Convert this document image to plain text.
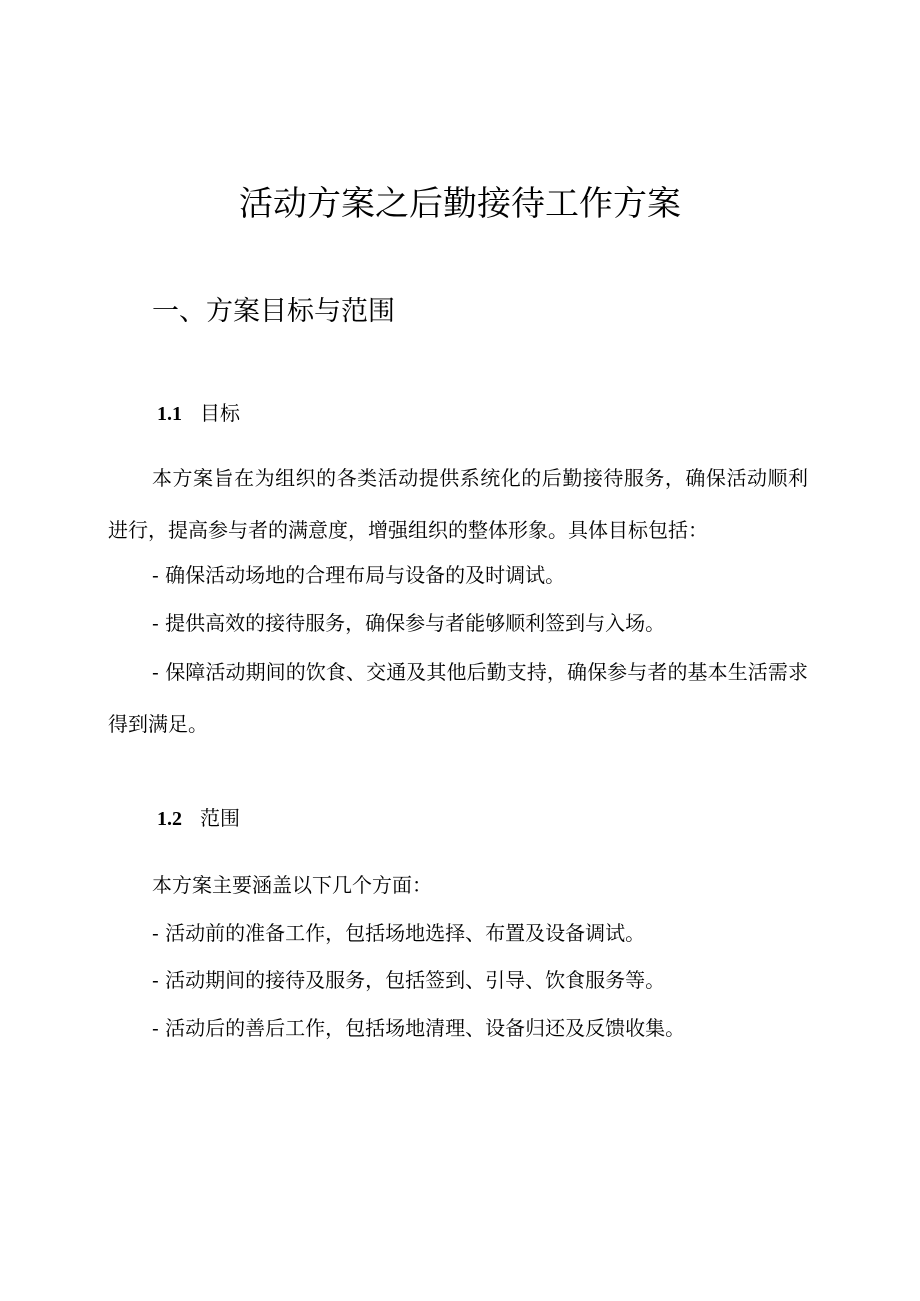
活动方案之后勤接待工作方案
一、方案目标与范围
1.1 目标

本方案旨在为组织的各类活动提供系统化的后勤接待服务，确保活动顺利进行，提高参与者的满意度，增强组织的整体形象。具体目标包括：

- 确保活动场地的合理布局与设备的及时调试。

- 提供高效的接待服务，确保参与者能够顺利签到与入场。

- 保障活动期间的饮食、交通及其他后勤支持，确保参与者的基本生活需求得到满足。

1.2 范围

本方案主要涵盖以下几个方面：

- 活动前的准备工作，包括场地选择、布置及设备调试。

- 活动期间的接待及服务，包括签到、引导、饮食服务等。

- 活动后的善后工作，包括场地清理、设备归还及反馈收集。
